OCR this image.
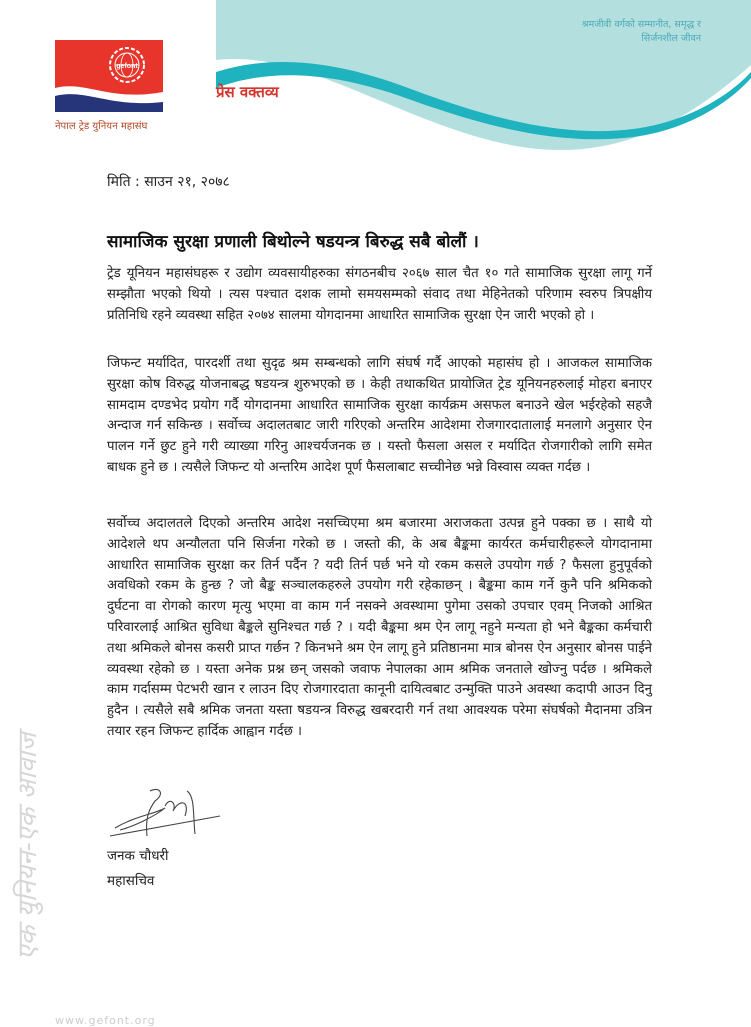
श्रमजीवी वर्गको सम्मानीत, समृद्ध र
सिर्जनशील जीवन
gefont
नेपाल ट्रेड युनियन महासंघ
प्रेस वक्तव्य
मिति : साउन २१, २०७८
सामाजिक सुरक्षा प्रणाली बिथोल्ने षडयन्त्र बिरुद्ध सबै बोलौं ।

ट्रेड यूनियन महासंघहरू र उद्योग व्यवसायीहरुका संगठनबीच २०६७ साल चैत १० गते सामाजिक सुरक्षा लागू गर्ने सम्झौता भएको थियो । त्यस पश्चात दशक लामो समयसम्मको संवाद तथा मेहिनेतको परिणाम स्वरुप त्रिपक्षीय प्रतिनिधि रहने व्यवस्था सहित २०७४ सालमा योगदानमा आधारित सामाजिक सुरक्षा ऐन जारी भएको हो ।

जिफन्ट मर्यादित, पारदर्शी तथा सुदृढ श्रम सम्बन्धको लागि संघर्ष गर्दै आएको महासंघ हो । आजकल सामाजिक सुरक्षा कोष विरुद्ध योजनाबद्ध षडयन्त्र शुरुभएको छ । केही तथाकथित प्रायोजित ट्रेड यूनियनहरुलाई मोहरा बनाएर सामदाम दण्डभेद प्रयोग गर्दै योगदानमा आधारित सामाजिक सुरक्षा कार्यक्रम असफल बनाउने खेल भईरहेको सहजै अन्दाज गर्न सकिन्छ । सर्वोच्च अदालतबाट जारी गरिएको अन्तरिम आदेशमा रोजगारदातालाई मनलागे अनुसार ऐन पालन गर्ने छुट हुने गरी व्याख्या गरिनु आश्चर्यजनक छ । यस्तो फैसला असल र मर्यादित रोजगारीको लागि समेत बाधक हुने छ । त्यसैले जिफन्ट यो अन्तरिम आदेश पूर्ण फैसलाबाट सच्चीनेछ भन्ने विस्वास व्यक्त गर्दछ ।

सर्वोच्च अदालतले दिएको अन्तरिम आदेश नसच्चिएमा श्रम बजारमा अराजकता उत्पन्न हुने पक्का छ । साथै यो आदेशले थप अन्यौलता पनि सिर्जना गरेको छ । जस्तो की, के अब बैङ्कमा कार्यरत कर्मचारीहरूले योगदानामा आधारित सामाजिक सुरक्षा कर तिर्न पर्दैन ? यदी तिर्न पर्छ भने यो रकम कसले उपयोग गर्छ ? फैसला हुनुपूर्वको अवधिको रकम के हुन्छ ? जो बैङ्क सञ्चालकहरुले उपयोग गरी रहेकाछन् । बैङ्कमा काम गर्ने कुनै पनि श्रमिकको दुर्घटना वा रोगको कारण मृत्यु भएमा वा काम गर्न नसक्ने अवस्थामा पुगेमा उसको उपचार एवम् निजको आश्रित परिवारलाई आश्रित सुविधा बैङ्कले सुनिश्चत गर्छ ? । यदी बैङ्कमा श्रम ऐन लागू नहुने मन्यता हो भने बैङ्कका कर्मचारी तथा श्रमिकले बोनस कसरी प्राप्त गर्छन ? किनभने श्रम ऐन लागू हुने प्रतिष्ठानमा मात्र बोनस ऐन अनुसार बोनस पाईने व्यवस्था रहेको छ । यस्ता अनेक प्रश्न छन् जसको जवाफ नेपालका आम श्रमिक जनताले खोज्नु पर्दछ । श्रमिकले काम गर्दासम्म पेटभरी खान र लाउन दिए रोजगारदाता कानूनी दायित्वबाट उन्मुक्ति पाउने अवस्था कदापी आउन दिनु हुदैन । त्यसैले सबै श्रमिक जनता यस्ता षडयन्त्र विरुद्ध खबरदारी गर्न तथा आवश्यक परेमा संघर्षको मैदानमा उत्रिन तयार रहन जिफन्ट हार्दिक आह्वान गर्दछ ।

जनक चौधरी
महासचिव
एक युनियन-एक आवाज
www.gefont.org
